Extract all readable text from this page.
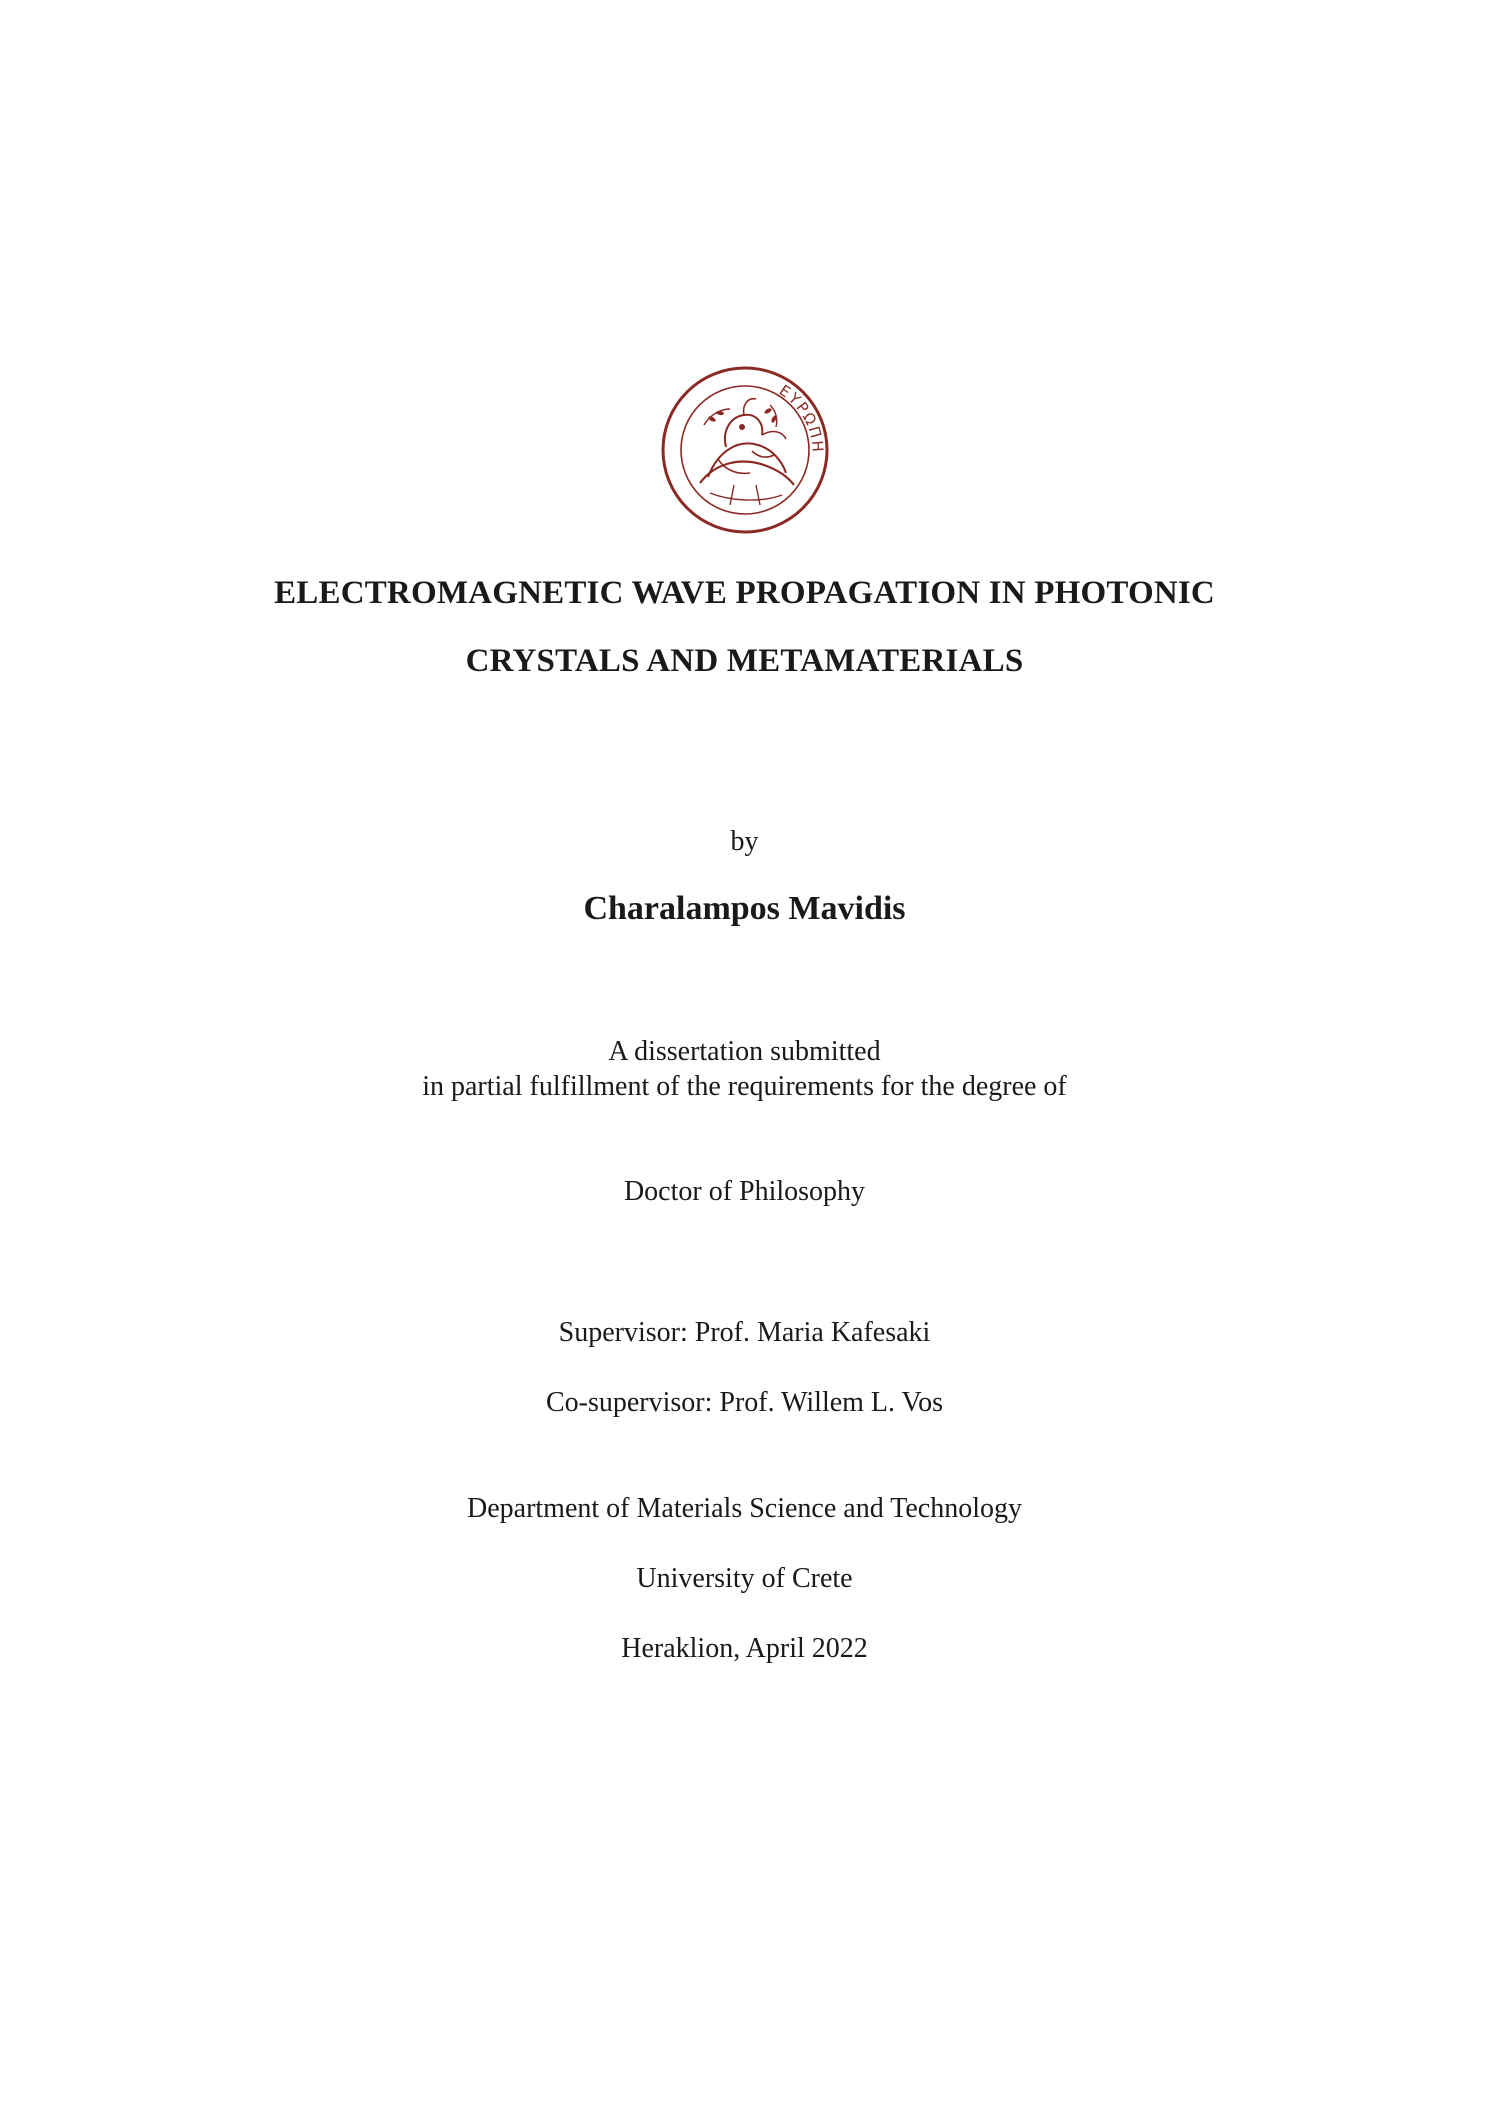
ΕΥΡΩΠΗ
ELECTROMAGNETIC WAVE PROPAGATION IN PHOTONIC
CRYSTALS AND METAMATERIALS
by
Charalampos Mavidis
A dissertation submitted
in partial fulfillment of the requirements for the degree of
Doctor of Philosophy
Supervisor: Prof. Maria Kafesaki
Co-supervisor: Prof. Willem L. Vos
Department of Materials Science and Technology
University of Crete
Heraklion, April 2022
